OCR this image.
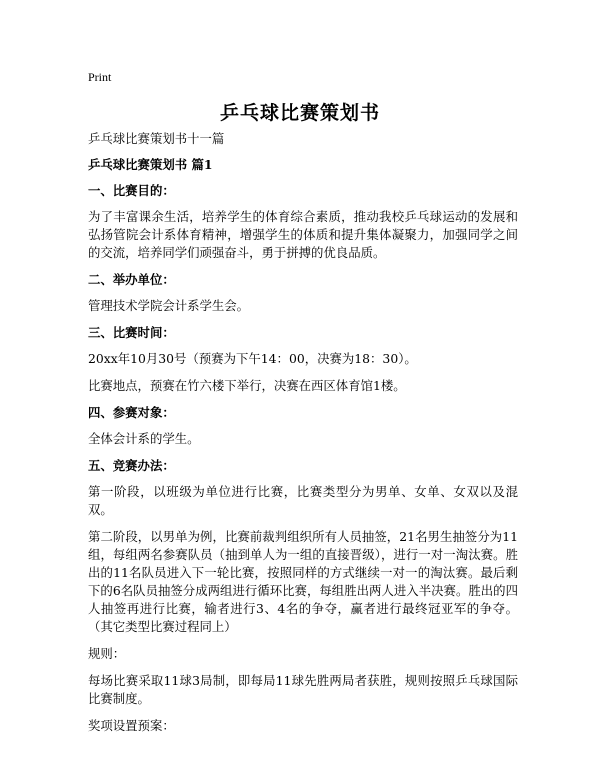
Print
乒乓球比赛策划书

乒乓球比赛策划书十一篇

乒乓球比赛策划书 篇1

一、比赛目的：

为了丰富课余生活，培养学生的体育综合素质，推动我校乒乓球运动的发展和弘扬管院会计系体育精神，增强学生的体质和提升集体凝聚力，加强同学之间的交流，培养同学们顽强奋斗，勇于拼搏的优良品质。

二、举办单位：

管理技术学院会计系学生会。

三、比赛时间：

20xx年10月30号（预赛为下午14：00，决赛为18：30）。

比赛地点，预赛在竹六楼下举行，决赛在西区体育馆1楼。

四、参赛对象：

全体会计系的学生。

五、竞赛办法：

第一阶段，以班级为单位进行比赛，比赛类型分为男单、女单、女双以及混双。

第二阶段，以男单为例，比赛前裁判组织所有人员抽签，21名男生抽签分为11组，每组两名参赛队员（抽到单人为一组的直接晋级），进行一对一淘汰赛。胜出的11名队员进入下一轮比赛，按照同样的方式继续一对一的淘汰赛。最后剩下的6名队员抽签分成两组进行循环比赛，每组胜出两人进入半决赛。胜出的四人抽签再进行比赛，输者进行3、4名的争夺，赢者进行最终冠亚军的争夺。（其它类型比赛过程同上）

规则：

每场比赛采取11球3局制，即每局11球先胜两局者获胜，规则按照乒乓球国际比赛制度。

奖项设置预案：
